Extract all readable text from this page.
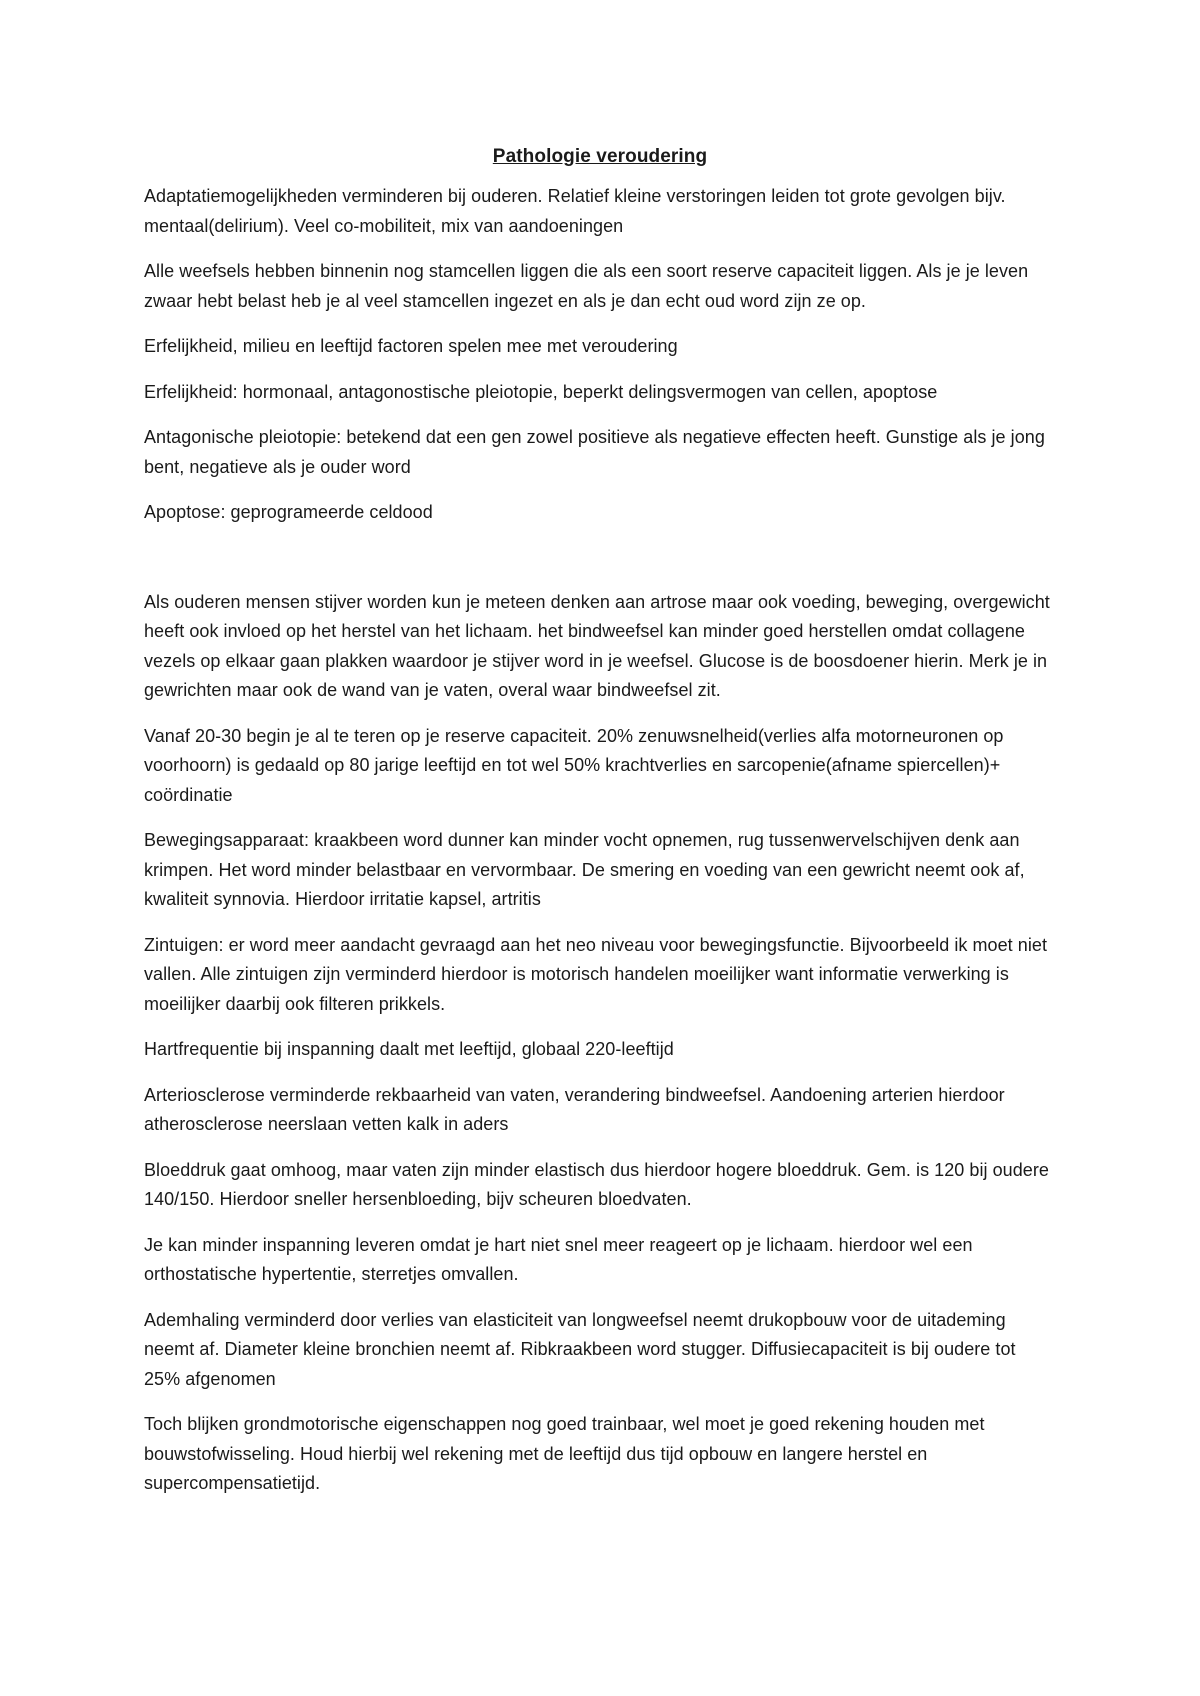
Pathologie veroudering

Adaptatiemogelijkheden verminderen bij ouderen. Relatief kleine verstoringen leiden tot grote gevolgen bijv. mentaal(delirium). Veel co-mobiliteit, mix van aandoeningen

Alle weefsels hebben binnenin nog stamcellen liggen die als een soort reserve capaciteit liggen. Als je je leven zwaar hebt belast heb je al veel stamcellen ingezet en als je dan echt oud word zijn ze op.

Erfelijkheid, milieu en leeftijd factoren spelen mee met veroudering

Erfelijkheid: hormonaal, antagonostische pleiotopie, beperkt delingsvermogen van cellen, apoptose

Antagonische pleiotopie: betekend dat een gen zowel positieve als negatieve effecten heeft. Gunstige als je jong bent, negatieve als je ouder word

Apoptose: geprogrameerde celdood

Als ouderen mensen stijver worden kun je meteen denken aan artrose maar ook voeding, beweging, overgewicht heeft ook invloed op het herstel van het lichaam. het bindweefsel kan minder goed herstellen omdat collagene vezels op elkaar gaan plakken waardoor je stijver word in je weefsel. Glucose is de boosdoener hierin. Merk je in gewrichten maar ook de wand van je vaten, overal waar bindweefsel zit.

Vanaf 20-30 begin je al te teren op je reserve capaciteit. 20% zenuwsnelheid(verlies alfa motorneuronen op voorhoorn) is gedaald op 80 jarige leeftijd en tot wel 50% krachtverlies en sarcopenie(afname spiercellen)+ coördinatie

Bewegingsapparaat: kraakbeen word dunner kan minder vocht opnemen, rug tussenwervelschijven denk aan krimpen. Het word minder belastbaar en vervormbaar. De smering en voeding van een gewricht neemt ook af, kwaliteit synnovia. Hierdoor irritatie kapsel, artritis

Zintuigen: er word meer aandacht gevraagd aan het neo niveau voor bewegingsfunctie. Bijvoorbeeld ik moet niet vallen. Alle zintuigen zijn verminderd hierdoor is motorisch handelen moeilijker want informatie verwerking is moeilijker daarbij ook filteren prikkels.

Hartfrequentie bij inspanning daalt met leeftijd, globaal 220-leeftijd

Arteriosclerose verminderde rekbaarheid van vaten, verandering bindweefsel. Aandoening arterien hierdoor atherosclerose neerslaan vetten kalk in aders

Bloeddruk gaat omhoog, maar vaten zijn minder elastisch dus hierdoor hogere bloeddruk. Gem. is 120 bij oudere 140/150. Hierdoor sneller hersenbloeding, bijv scheuren bloedvaten.

Je kan minder inspanning leveren omdat je hart niet snel meer reageert op je lichaam. hierdoor wel een orthostatische hypertentie, sterretjes omvallen.

Ademhaling verminderd door verlies van elasticiteit van longweefsel neemt drukopbouw voor de uitademing neemt af. Diameter kleine bronchien neemt af. Ribkraakbeen word stugger. Diffusiecapaciteit is bij oudere tot 25% afgenomen

Toch blijken grondmotorische eigenschappen nog goed trainbaar, wel moet je goed rekening houden met bouwstofwisseling. Houd hierbij wel rekening met de leeftijd dus tijd opbouw en langere herstel en supercompensatietijd.
